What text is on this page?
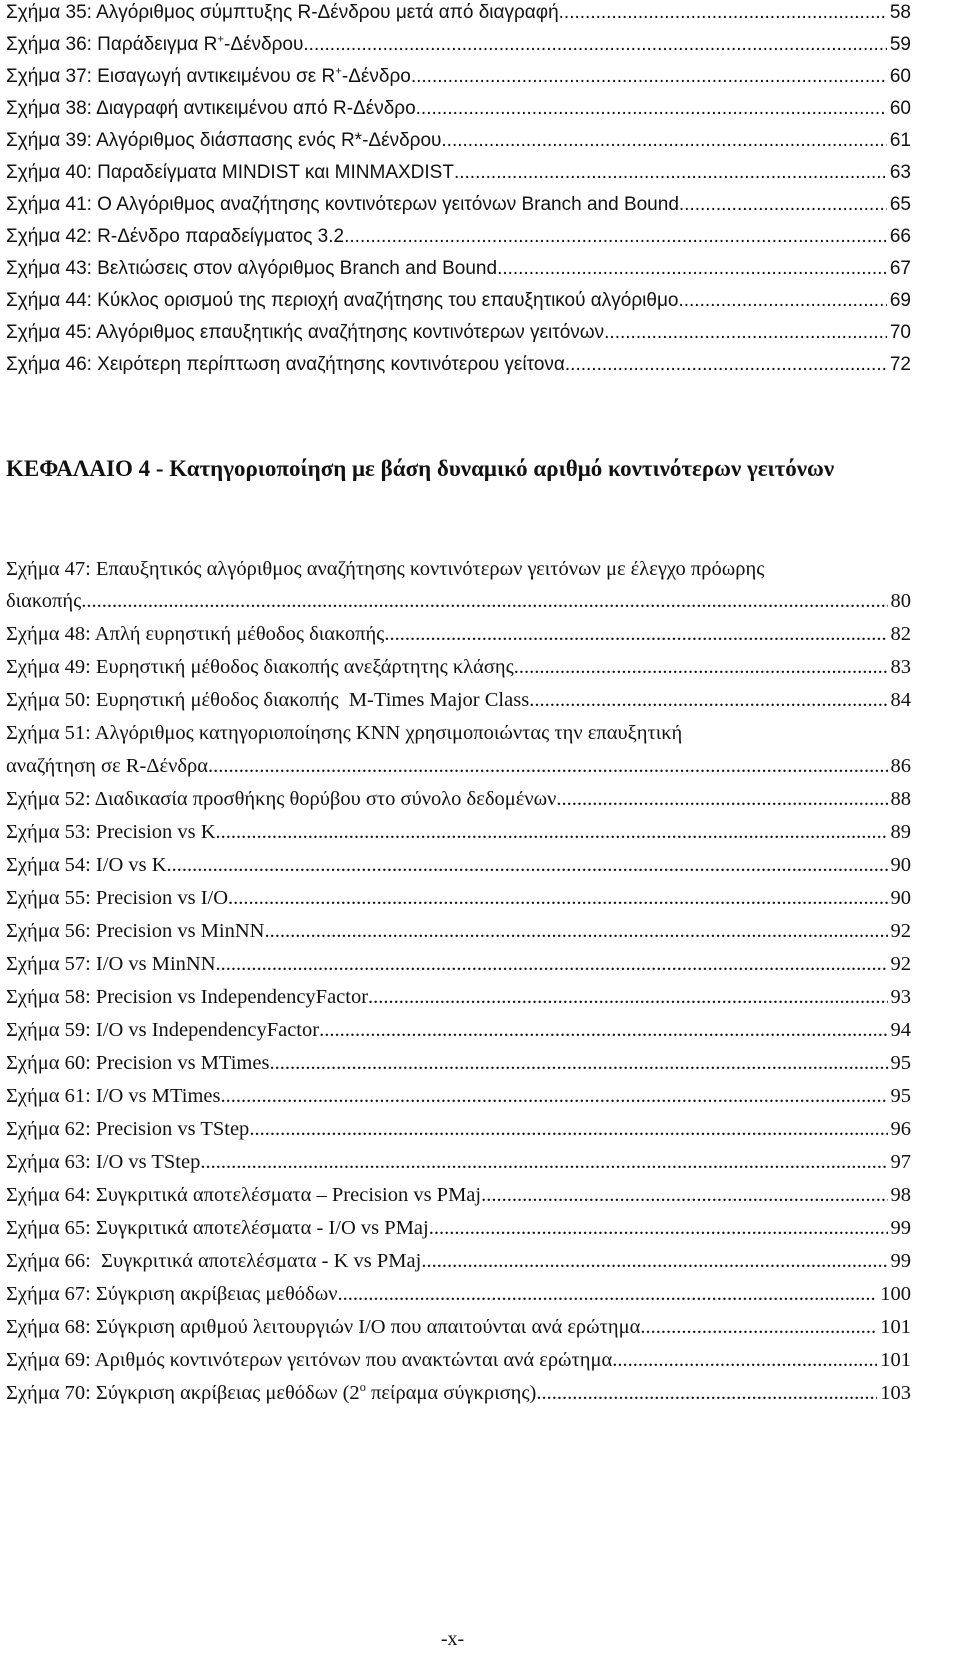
Σχήμα 35: Αλγόριθμος σύμπτυξης R-Δένδρου μετά από διαγραφή .....	58
Σχήμα 36: Παράδειγμα R+-Δένδρου .....	59
Σχήμα 37: Εισαγωγή αντικειμένου σε R+-Δένδρο .....	60
Σχήμα 38: Διαγραφή αντικειμένου από R-Δένδρο .....	60
Σχήμα 39: Αλγόριθμος διάσπασης ενός R*-Δένδρου .....	61
Σχήμα 40: Παραδείγματα MINDIST και MINMAXDIST .....	63
Σχήμα 41: Ο Αλγόριθμος αναζήτησης κοντινότερων γειτόνων Branch and Bound .....	65
Σχήμα 42: R-Δένδρο παραδείγματος 3.2 .....	66
Σχήμα 43: Βελτιώσεις στον αλγόριθμος Branch and Bound .....	67
Σχήμα 44: Κύκλος ορισμού της περιοχή αναζήτησης του επαυξητικού αλγόριθμο .....	69
Σχήμα 45: Αλγόριθμος επαυξητικής αναζήτησης κοντινότερων γειτόνων .....	70
Σχήμα 46: Χειρότερη περίπτωση αναζήτησης κοντινότερου γείτονα .....	72
ΚΕΦΑΛΑΙΟ 4 - Κατηγοριοποίηση με βάση δυναμικό αριθμό κοντινότερων γειτόνων
Σχήμα 47: Επαυξητικός αλγόριθμος αναζήτησης κοντινότερων γειτόνων με έλεγχο πρόωρης
διακοπής .....	80
Σχήμα 48: Απλή ευρηστική μέθοδος διακοπής .....	82
Σχήμα 49: Ευρηστική μέθοδος διακοπής ανεξάρτητης κλάσης .....	83
Σχήμα 50: Ευρηστική μέθοδος διακοπής  M-Times Major Class .....	84
Σχήμα 51: Αλγόριθμος κατηγοριοποίησης KNN χρησιμοποιώντας την επαυξητική
αναζήτηση σε R-Δένδρα .....	86
Σχήμα 52: Διαδικασία προσθήκης θορύβου στο σύνολο δεδομένων .....	88
Σχήμα 53: Precision vs K .....	89
Σχήμα 54: I/O vs K .....	90
Σχήμα 55: Precision vs I/O .....	90
Σχήμα 56: Precision vs MinNN .....	92
Σχήμα 57: I/O vs MinNN .....	92
Σχήμα 58: Precision vs IndependencyFactor .....	93
Σχήμα 59: I/O vs IndependencyFactor .....	94
Σχήμα 60: Precision vs MTimes .....	95
Σχήμα 61: I/O vs MTimes .....	95
Σχήμα 62: Precision vs TStep .....	96
Σχήμα 63: I/O vs TStep .....	97
Σχήμα 64: Συγκριτικά αποτελέσματα – Precision vs PMaj .....	98
Σχήμα 65: Συγκριτικά αποτελέσματα - I/O vs PMaj .....	99
Σχήμα 66:  Συγκριτικά αποτελέσματα - K vs PMaj .....	99
Σχήμα 67: Σύγκριση ακρίβειας μεθόδων .....	100
Σχήμα 68: Σύγκριση αριθμού λειτουργιών I/O που απαιτούνται ανά ερώτημα .....	101
Σχήμα 69: Αριθμός κοντινότερων γειτόνων που ανακτώνται ανά ερώτημα .....	101
Σχήμα 70: Σύγκριση ακρίβειας μεθόδων ($2^o$ πείραμα σύγκρισης) .....	103
-x-
